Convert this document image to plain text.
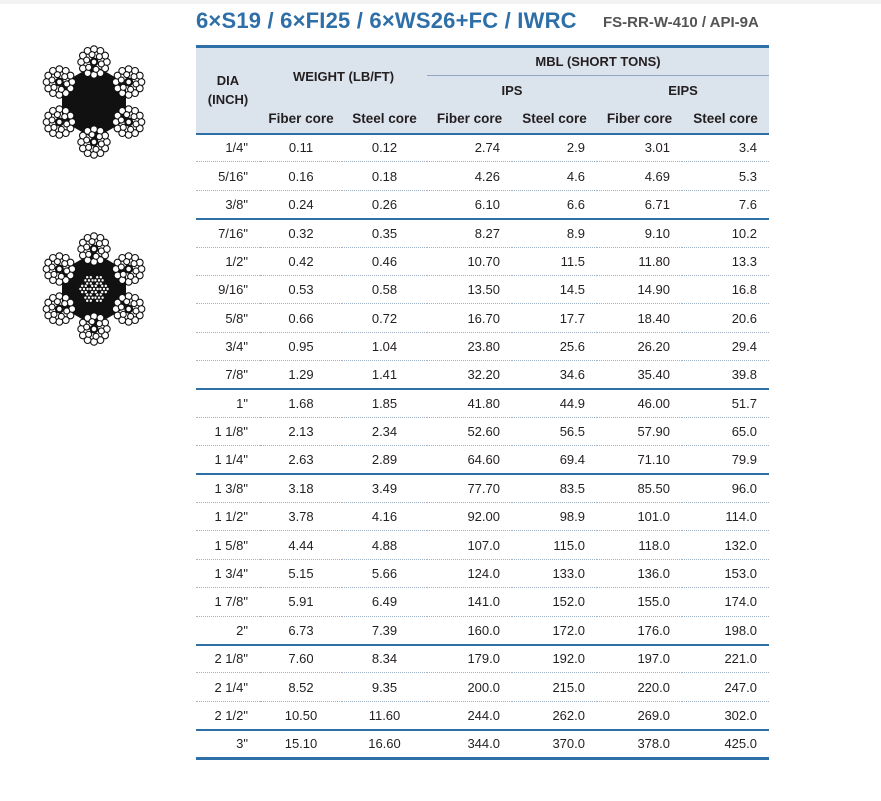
6×S19 / 6×FI25 / 6×WS26+FC / IWRC FS-RR-W-410 / API-9A
DIA
(INCH)	WEIGHT (LB/FT)		MBL (SHORT TONS)			
			IPS		EIPS	
	Fiber core	Steel core	Fiber core	Steel core	Fiber core	Steel core
1/4"	0.11	0.12	2.74	2.9	3.01	3.4
5/16"	0.16	0.18	4.26	4.6	4.69	5.3
3/8"	0.24	0.26	6.10	6.6	6.71	7.6
7/16"	0.32	0.35	8.27	8.9	9.10	10.2
1/2"	0.42	0.46	10.70	11.5	11.80	13.3
9/16"	0.53	0.58	13.50	14.5	14.90	16.8
5/8"	0.66	0.72	16.70	17.7	18.40	20.6
3/4"	0.95	1.04	23.80	25.6	26.20	29.4
7/8"	1.29	1.41	32.20	34.6	35.40	39.8
1"	1.68	1.85	41.80	44.9	46.00	51.7
1 1/8"	2.13	2.34	52.60	56.5	57.90	65.0
1 1/4"	2.63	2.89	64.60	69.4	71.10	79.9
1 3/8"	3.18	3.49	77.70	83.5	85.50	96.0
1 1/2"	3.78	4.16	92.00	98.9	101.0	114.0
1 5/8"	4.44	4.88	107.0	115.0	118.0	132.0
1 3/4"	5.15	5.66	124.0	133.0	136.0	153.0
1 7/8"	5.91	6.49	141.0	152.0	155.0	174.0
2"	6.73	7.39	160.0	172.0	176.0	198.0
2 1/8"	7.60	8.34	179.0	192.0	197.0	221.0
2 1/4"	8.52	9.35	200.0	215.0	220.0	247.0
2 1/2"	10.50	11.60	244.0	262.0	269.0	302.0
3"	15.10	16.60	344.0	370.0	378.0	425.0
